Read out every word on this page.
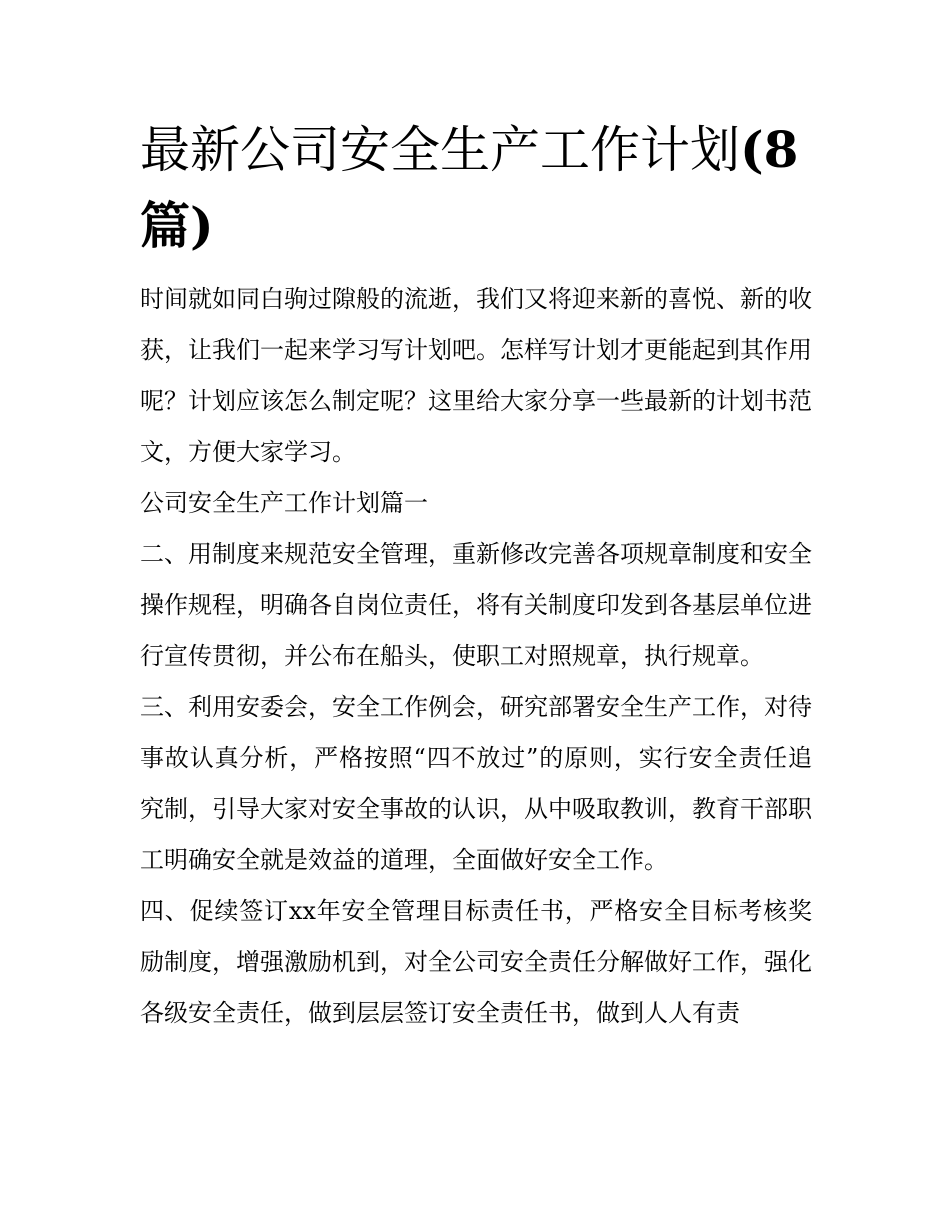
最新公司安全生产工作计划(8
篇)

时间就如同白驹过隙般的流逝，我们又将迎来新的喜悦、新的收获，让我们一起来学习写计划吧。怎样写计划才更能起到其作用呢？计划应该怎么制定呢？这里给大家分享一些最新的计划书范文，方便大家学习。

公司安全生产工作计划篇一

二、用制度来规范安全管理，重新修改完善各项规章制度和安全操作规程，明确各自岗位责任，将有关制度印发到各基层单位进行宣传贯彻，并公布在船头，使职工对照规章，执行规章。

三、利用安委会，安全工作例会，研究部署安全生产工作，对待事故认真分析，严格按照“四不放过”的原则，实行安全责任追究制，引导大家对安全事故的认识，从中吸取教训，教育干部职工明确安全就是效益的道理，全面做好安全工作。

四、促续签订xx年安全管理目标责任书，严格安全目标考核奖励制度，增强激励机到，对全公司安全责任分解做好工作，强化各级安全责任，做到层层签订安全责任书，做到人人有责
